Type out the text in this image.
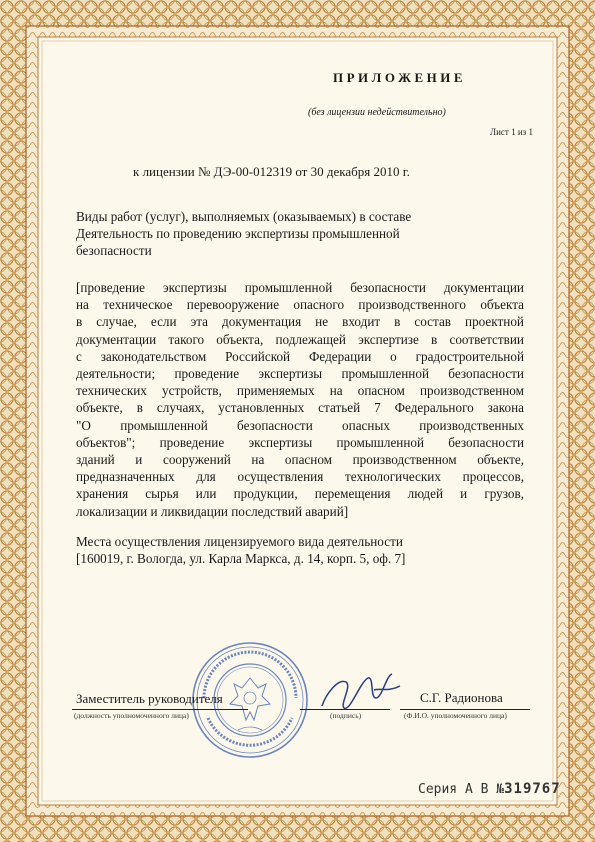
ПРИЛОЖЕНИЕ
(без лицензии недействительно)
Лист 1 из 1
к лицензии № ДЭ-00-012319 от 30 декабря 2010 г.
Виды работ (услуг), выполняемых (оказываемых) в составе
Деятельность по проведению экспертизы промышленной
безопасности
[проведение экспертизы промышленной безопасности документации
на техническое перевооружение опасного производственного объекта
в случае, если эта документация не входит в состав проектной
документации такого объекта, подлежащей экспертизе в соответствии
с законодательством Российской Федерации о градостроительной
деятельности; проведение экспертизы промышленной безопасности
технических устройств, применяемых на опасном производственном
объекте, в случаях, установленных статьей 7 Федерального закона
"О промышленной безопасности опасных производственных
объектов"; проведение экспертизы промышленной безопасности
зданий и сооружений на опасном производственном объекте,
предназначенных для осуществления технологических процессов,
хранения сырья или продукции, перемещения людей и грузов,
локализации и ликвидации последствий аварий]
Места осуществления лицензируемого вида деятельности
[160019, г. Вологда, ул. Карла Маркса, д. 14, корп. 5, оф. 7]
Заместитель руководителя
(должность уполномоченного лица)	(подпись)
С.Г. Радионова
(Ф.И.О. уполномоченного лица)
Серия А В №319767
